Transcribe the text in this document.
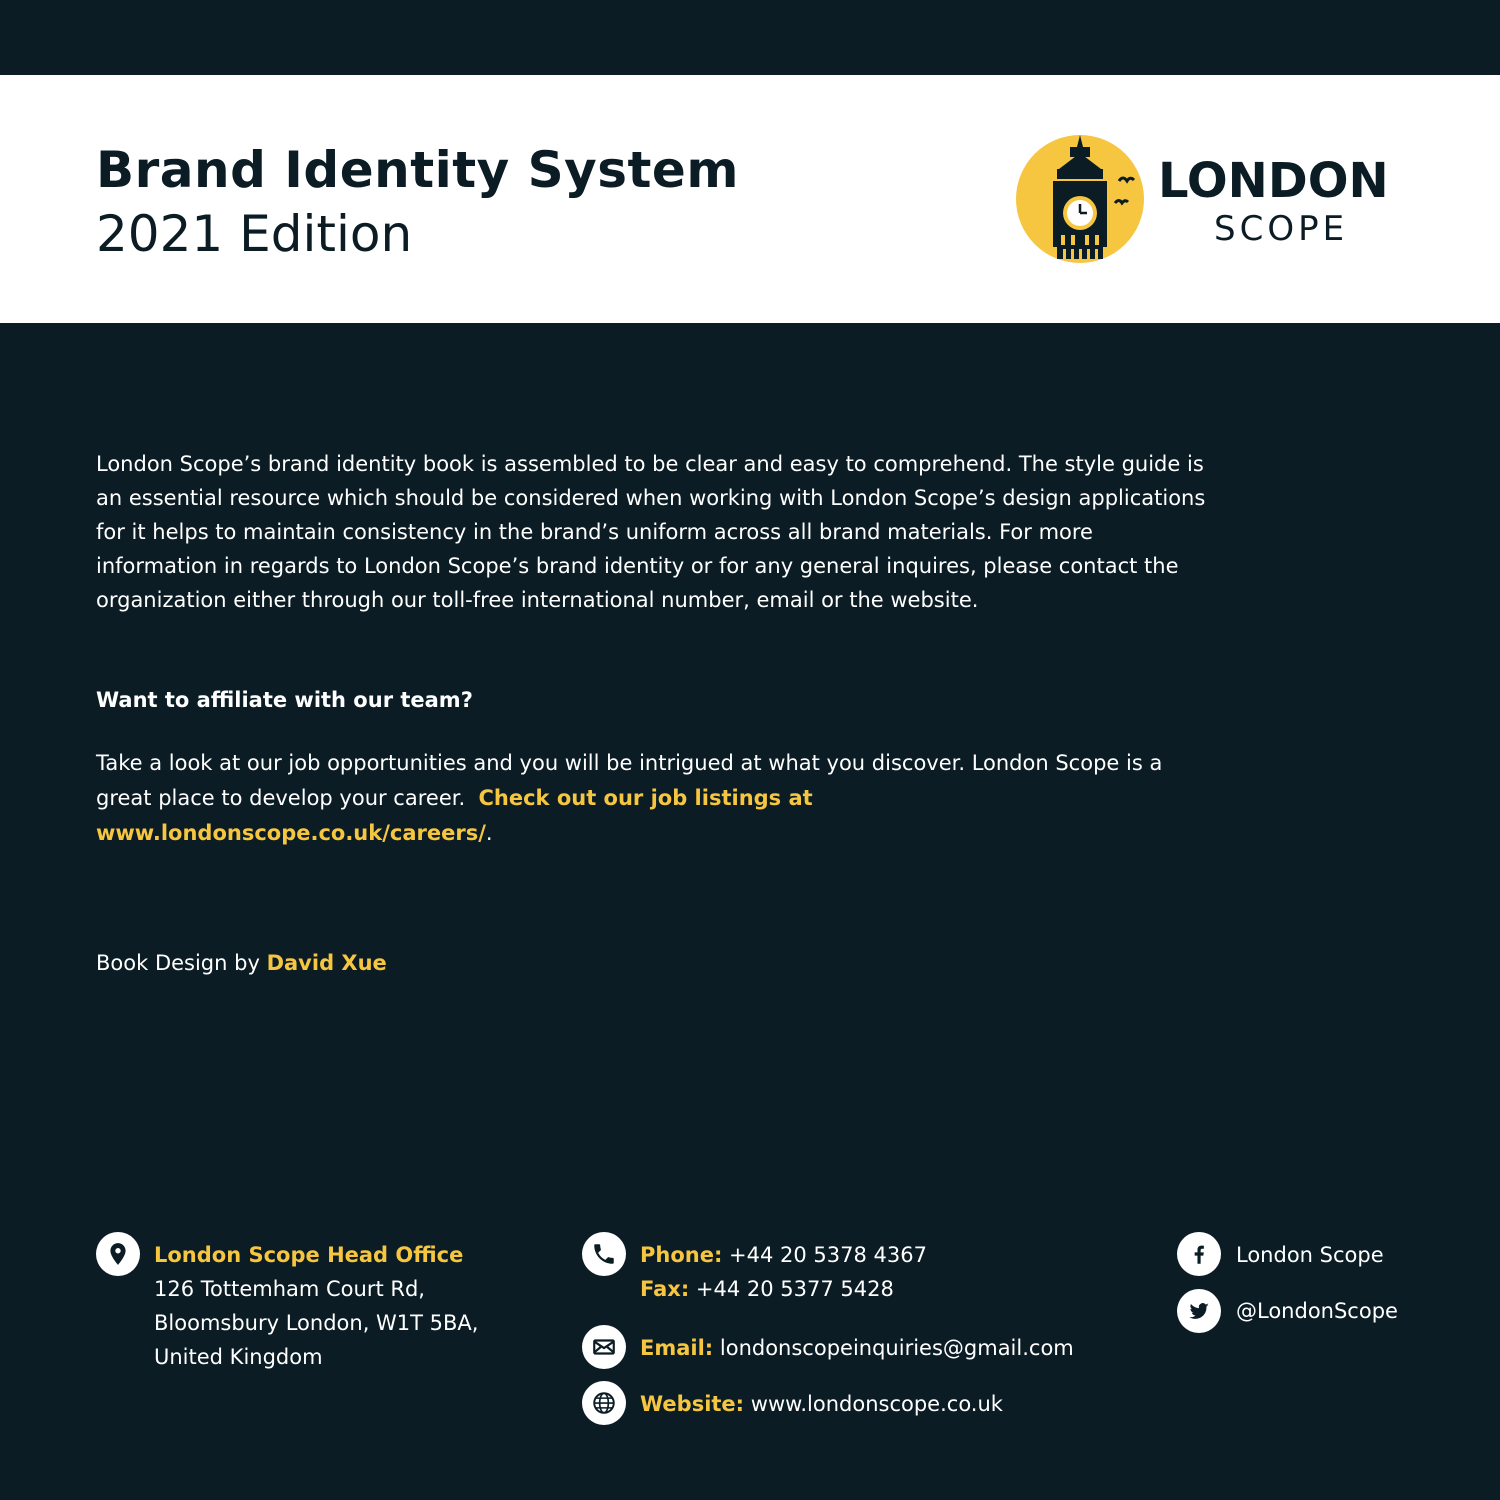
Brand Identity System
2021 Edition
LONDON
SCOPE
London Scope’s brand identity book is assembled to be clear and easy to comprehend. The style guide is an essential resource which should be considered when working with London Scope’s design applications for it helps to maintain consistency in the brand’s uniform across all brand materials. For more information in regards to London Scope’s brand identity or for any general inquires, please contact the organization either through our toll-free international number, email or the website.
Want to affiliate with our team?
Take a look at our job opportunities and you will be intrigued at what you discover. London Scope is a great place to develop your career. Check out our job listings at www.londonscope.co.uk/careers/.
Book Design by David Xue
London Scope Head Office
126 Tottemham Court Rd,
Bloomsbury London, W1T 5BA,
United Kingdom
Phone: +44 20 5378 4367
Fax: +44 20 5377 5428
Email: londonscopeinquiries@gmail.com
Website: www.londonscope.co.uk
London Scope
@LondonScope
